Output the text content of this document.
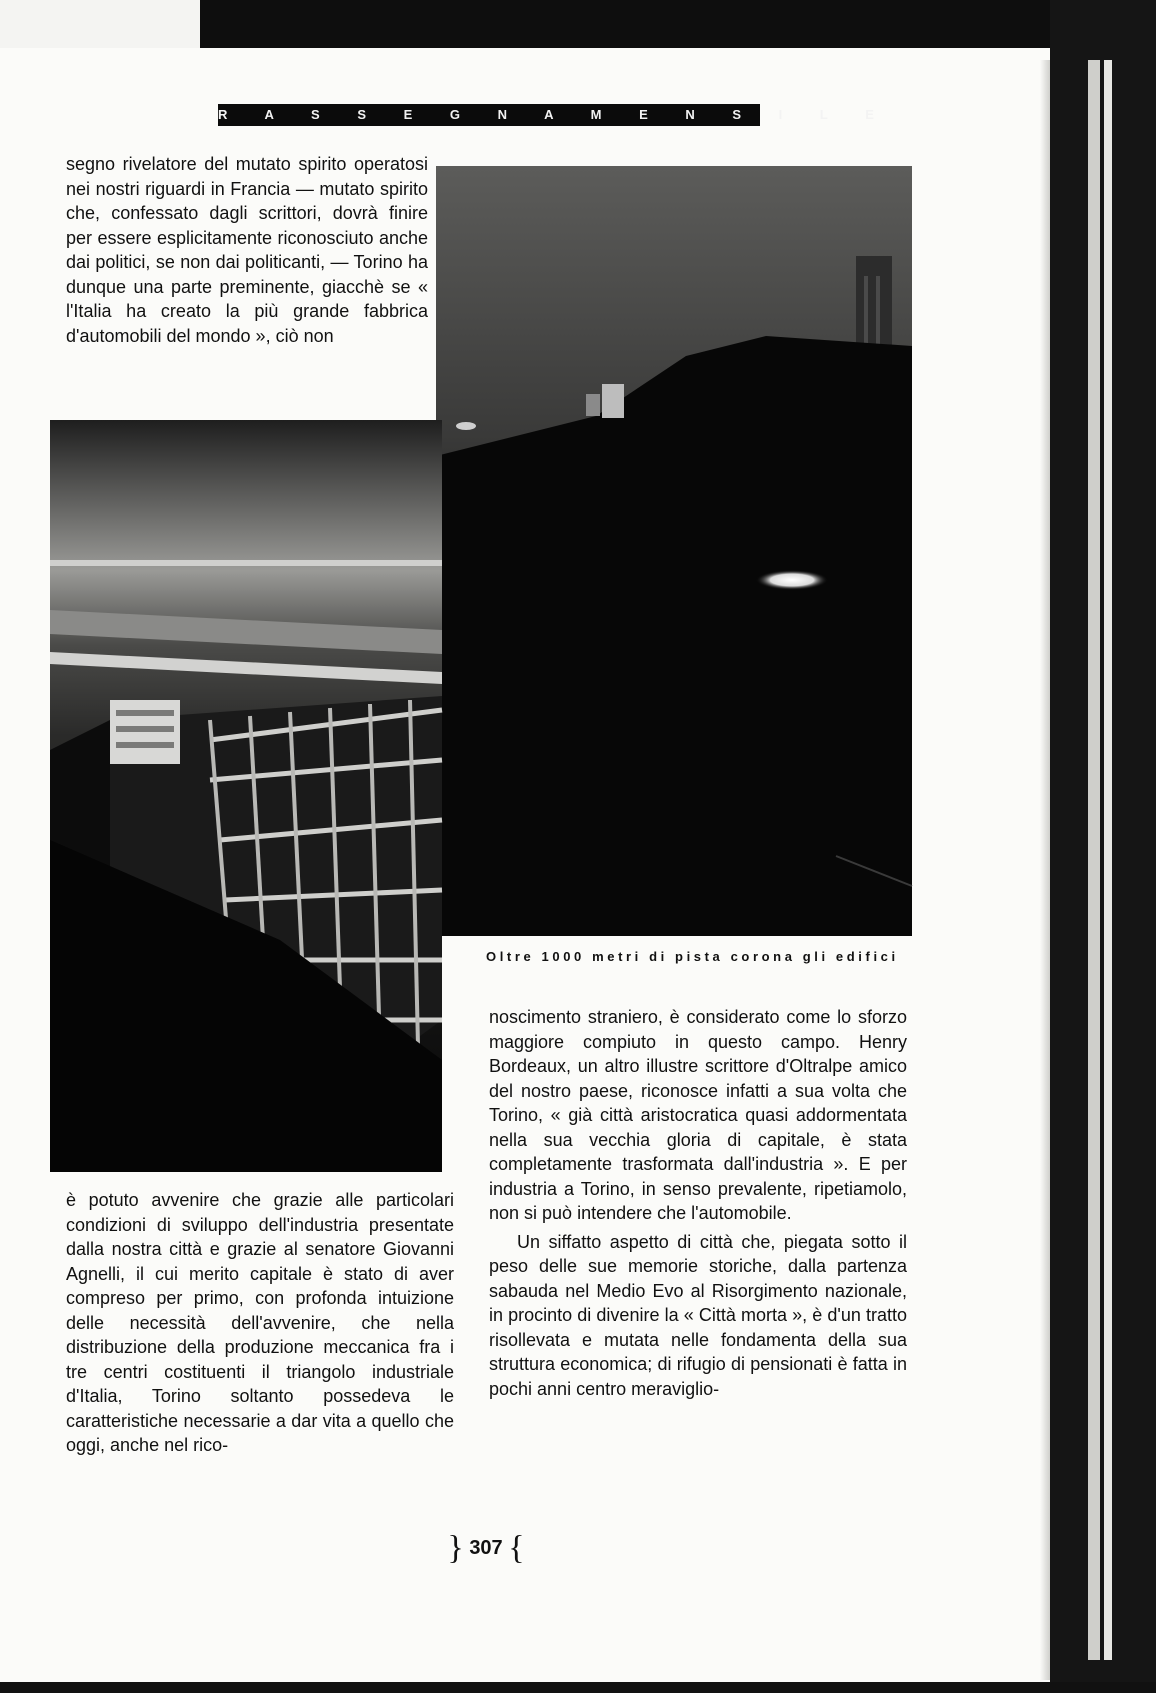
R A S S E G N A M E N S I L E

segno rivelatore del mutato spirito operatosi nei nostri riguardi in Francia — mutato spirito che, confessato dagli scrittori, dovrà finire per essere esplicitamente riconosciuto anche dai politici, se non dai politicanti, — Torino ha dunque una parte preminente, giacchè se « l'Italia ha creato la più grande fabbrica d'automobili del mondo », ciò non

Oltre 1000 metri di pista corona gli edifici

è potuto avvenire che grazie alle particolari condizioni di sviluppo dell'industria presentate dalla nostra città e grazie al senatore Giovanni Agnelli, il cui merito capitale è stato di aver compreso per primo, con profonda intuizione delle necessità dell'avvenire, che nella distribuzione della produzione meccanica fra i tre centri costituenti il triangolo industriale d'Italia, Torino soltanto possedeva le caratteristiche necessarie a dar vita a quello che oggi, anche nel rico-

noscimento straniero, è considerato come lo sforzo maggiore compiuto in questo campo. Henry Bordeaux, un altro illustre scrittore d'Oltralpe amico del nostro paese, riconosce infatti a sua volta che Torino, « già città aristocratica quasi addormentata nella sua vecchia gloria di capitale, è stata completamente trasformata dall'industria ». E per industria a Torino, in senso prevalente, ripetiamolo, non si può intendere che l'automobile.

Un siffatto aspetto di città che, piegata sotto il peso delle sue memorie storiche, dalla partenza sabauda nel Medio Evo al Risorgimento nazionale, in procinto di divenire la « Città morta », è d'un tratto risollevata e mutata nelle fondamenta della sua struttura economica; di rifugio di pensionati è fatta in pochi anni centro meraviglio-

} 307 {
